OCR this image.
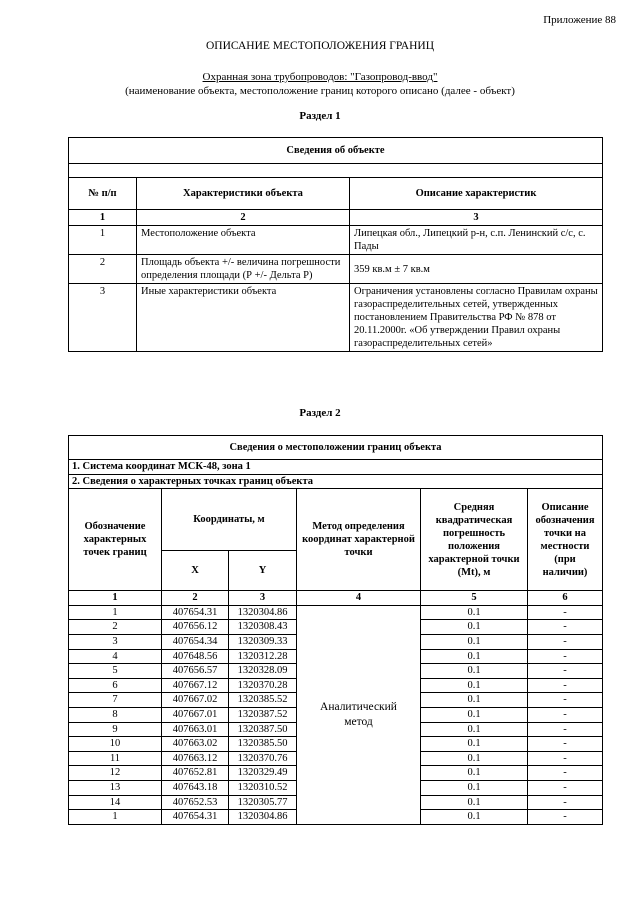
Приложение 88
ОПИСАНИЕ МЕСТОПОЛОЖЕНИЯ ГРАНИЦ
Охранная зона трубопроводов: "Газопровод-ввод"
(наименование объекта, местоположение границ которого описано (далее - объект)
Раздел 1
Сведения об объекте		

№ п/п	Характеристики объекта	Описание характеристик
1	2	3
1	Местоположение объекта	Липецкая обл., Липецкий р-н, с.п. Ленинский с/с, с. Пады
2	Площадь объекта +/- величина погрешности определения площади (Р +/- Дельта Р)	359 кв.м ± 7 кв.м
3	Иные характеристики объекта	Ограничения установлены согласно Правилам охраны газораспределительных сетей, утвержденных постановлением Правительства РФ № 878 от 20.11.2000г. «Об утверждении Правил охраны газораспределительных сетей»
Раздел 2
Сведения о местоположении границ объекта					
1. Система координат МСК-48, зона 1					
2. Сведения о характерных точках границ объекта					
Обозначение характерных точек границ	Координаты, м		Метод определения координат характерной точки	Средняя квадратическая погрешность положения характерной точки (Mt), м	Описание обозначения точки на местности (при наличии)
	X	Y			
1	2	3	4	5	6
1	407654.31	1320304.86	Аналитический метод	0.1	-
2	407656.12	1320308.43		0.1	-
3	407654.34	1320309.33		0.1	-
4	407648.56	1320312.28		0.1	-
5	407656.57	1320328.09		0.1	-
6	407667.12	1320370.28		0.1	-
7	407667.02	1320385.52		0.1	-
8	407667.01	1320387.52		0.1	-
9	407663.01	1320387.50		0.1	-
10	407663.02	1320385.50		0.1	-
11	407663.12	1320370.76		0.1	-
12	407652.81	1320329.49		0.1	-
13	407643.18	1320310.52		0.1	-
14	407652.53	1320305.77		0.1	-
1	407654.31	1320304.86		0.1	-
